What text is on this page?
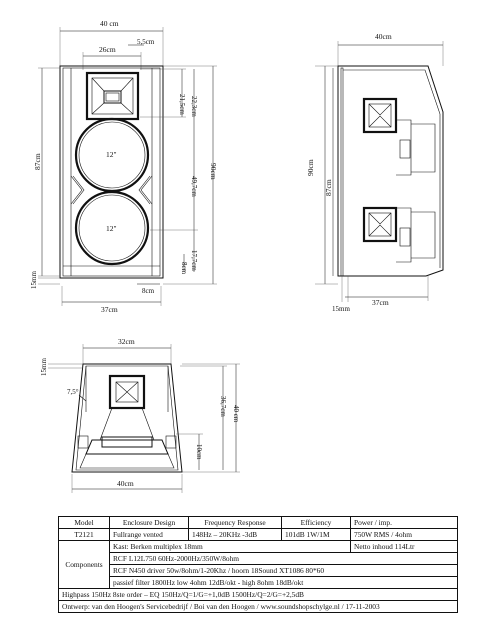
40 cm
5,5cm
26cm
12"
12"
21,5cm 22,3cm
49,7cm
17,7cm
8cm
87cm
90cm
15mm
8cm
37cm
40cm
90cm
87cm
15mm
37cm
32cm
7,5°
15mm
36,7cm 40 cm
10cm
40cm
Model	Enclosure Design	Frequency Response	Efficiency	Power / imp.
T2121	Fullrange vented	148Hz – 20KHz -3dB	101dB 1W/1M	750W RMS / 4ohm
Components	Kast: Berken multiplex 18mm			Netto inhoud 114Ltr
	RCF L12L750 60Hz-2000Hz/350W/8ohm			
	RCF N450 driver 50w/8ohm/1-20Khz / hoorn 18Sound XT1086 80*60			
	passief filter 1800Hz low 4ohm 12dB/okt - high 8ohm 18dB/okt			
Highpass 150Hz 8ste order – EQ 150Hz/Q=1/G=+1,0dB 1500Hz/Q=2/G=+2,5dB				
Ontwerp: van den Hoogen's Servicebedrijf / Boi van den Hoogen / www.soundshopschylge.nl / 17-11-2003				
